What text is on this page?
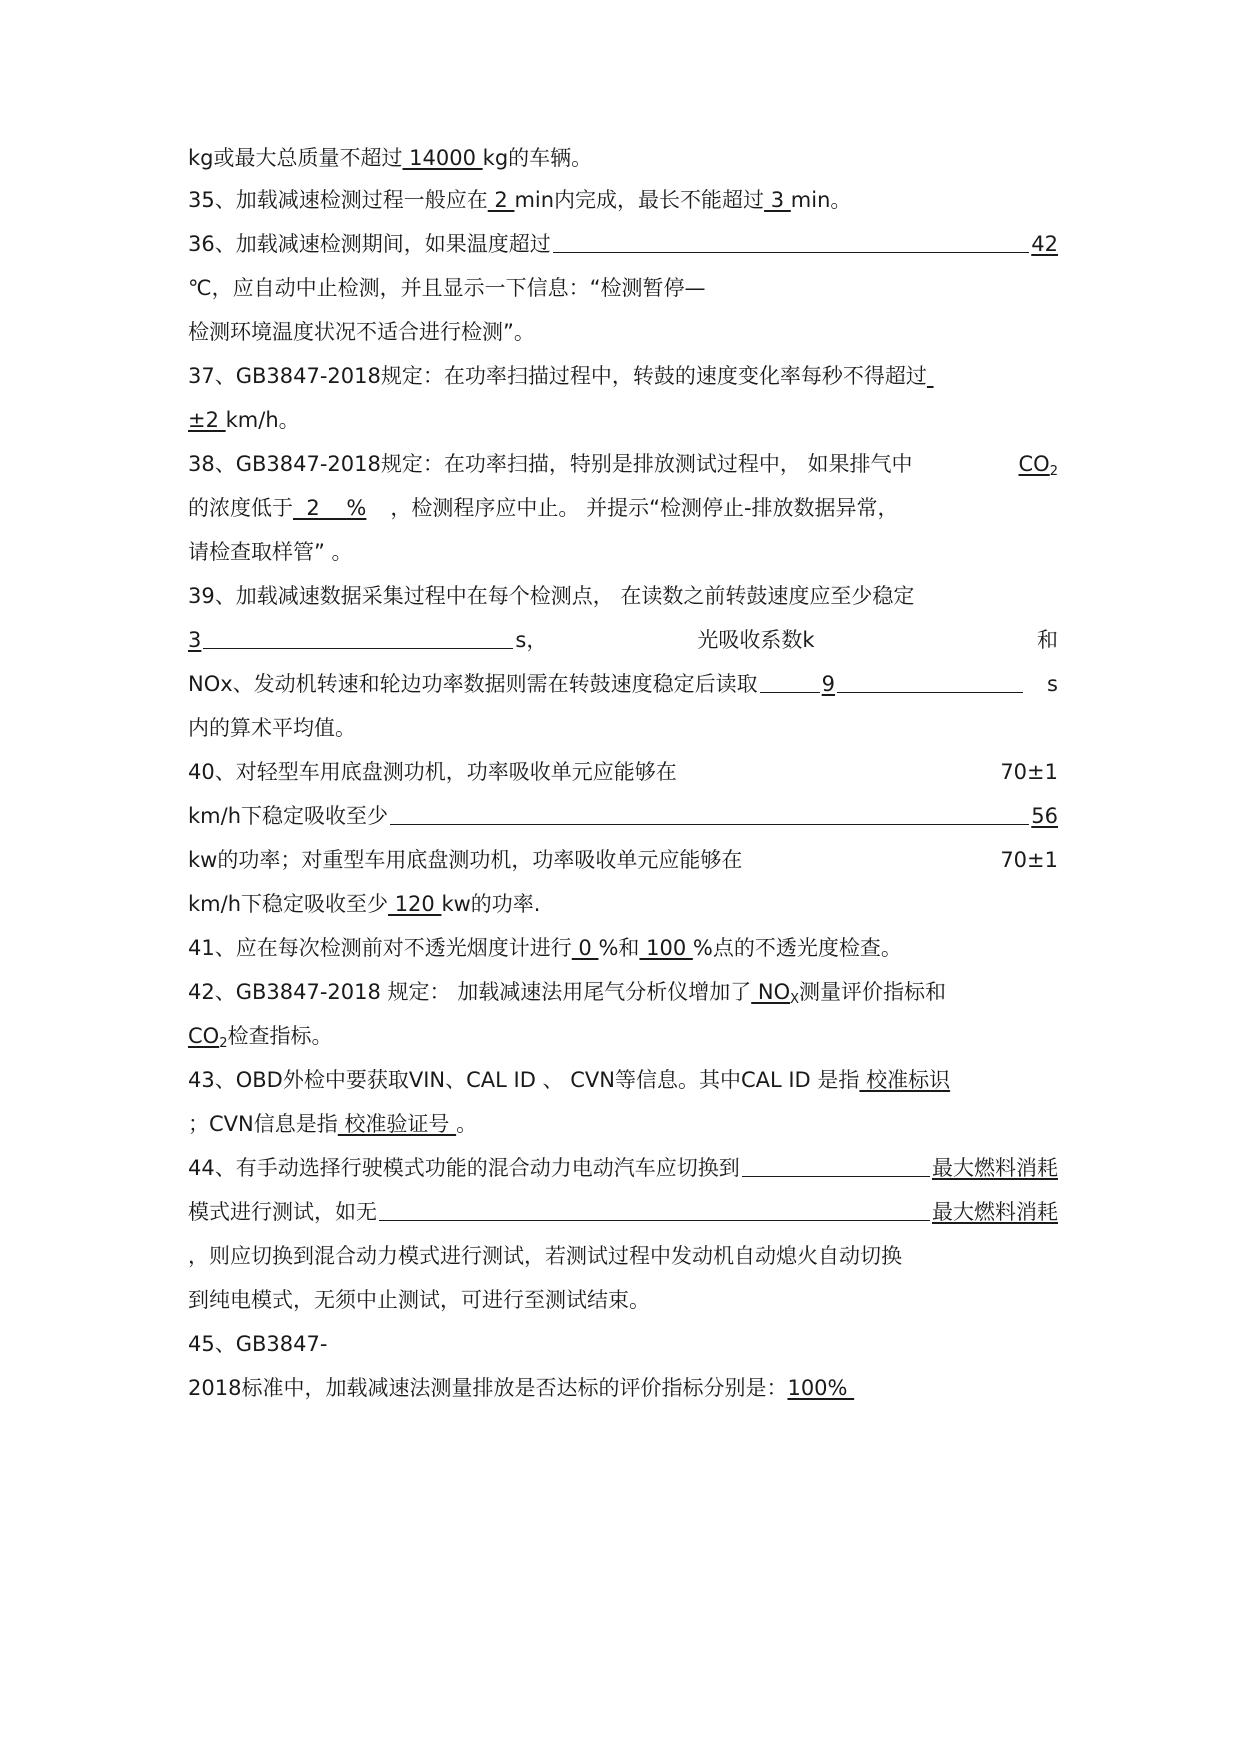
kg或最大总质量不超过 14000 kg的车辆。
35、加载减速检测过程一般应在 2 min内完成，最长不能超过 3 min。
36、加载减速检测期间，如果温度超过	42
℃，应自动中止检测，并且显示一下信息：“检测暂停—
检测环境温度状况不适合进行检测”。
37、GB3847-2018规定：在功率扫描过程中，转鼓的速度变化率每秒不得超过

±2 km/h。
38、GB3847-2018规定：在功率扫描，特别是排放测试过程中， 如果排气中	$CO_2$
的浓度低于 2 % ，检测程序应中止。 并提示“检测停止-排放数据异常，
请检查取样管” 。
39、加载减速数据采集过程中在每个检测点， 在读数之前转鼓速度应至少稳定
3	s，	光吸收系数k	和
NOx、发动机转速和轮边功率数据则需在转鼓速度稳定后读取	9	s
内的算术平均值。
40、对轻型车用底盘测功机，功率吸收单元应能够在	70±1
km/h下稳定吸收至少	56
kw的功率；对重型车用底盘测功机，功率吸收单元应能够在	70±1
km/h下稳定吸收至少 120 kw的功率.
41、应在每次检测前对不透光烟度计进行 0 %和 100 %点的不透光度检查。
42、GB3847-2018 规定： 加载减速法用尾气分析仪增加了 $NO_X$ 测量评价指标和
$CO_2$ 检查指标。
43、OBD外检中要获取VIN、CAL ID 、 CVN等信息。其中CAL ID 是指 校准标识
；CVN信息是指 校准验证号 。
44、有手动选择行驶模式功能的混合动力电动汽车应切换到	最大燃料消耗
模式进行测试，如无	最大燃料消耗
，则应切换到混合动力模式进行测试，若测试过程中发动机自动熄火自动切换
到纯电模式，无须中止测试，可进行至测试结束。
45、GB3847-
2018标准中，加载减速法测量排放是否达标的评价指标分别是： 100%
